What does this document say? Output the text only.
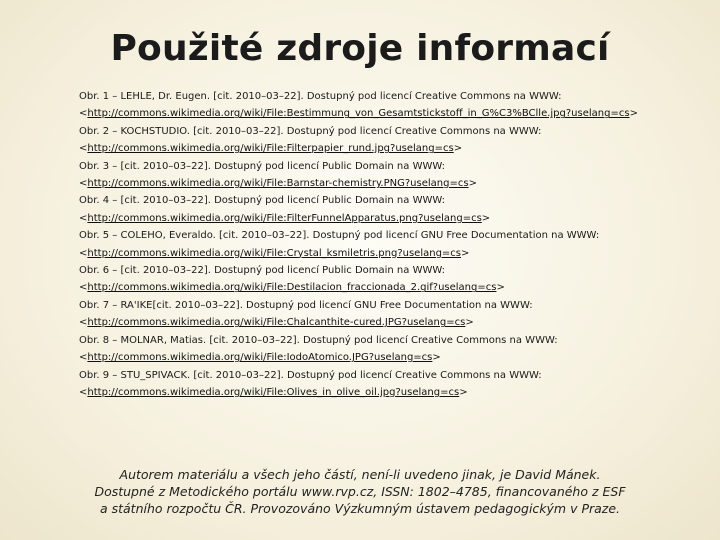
Použité zdroje informací
Obr. 1 – LEHLE, Dr. Eugen. [cit. 2010–03–22]. Dostupný pod licencí Creative Commons na WWW:
<http://commons.wikimedia.org/wiki/File:Bestimmung_von_Gesamtstickstoff_in_G%C3%BClle.jpg?uselang=cs>
Obr. 2 – KOCHSTUDIO. [cit. 2010–03–22]. Dostupný pod licencí Creative Commons na WWW:
<http://commons.wikimedia.org/wiki/File:Filterpapier_rund.jpg?uselang=cs>
Obr. 3 – [cit. 2010–03–22]. Dostupný pod licencí Public Domain na WWW:
<http://commons.wikimedia.org/wiki/File:Barnstar-chemistry.PNG?uselang=cs>
Obr. 4 – [cit. 2010–03–22]. Dostupný pod licencí Public Domain na WWW:
<http://commons.wikimedia.org/wiki/File:FilterFunnelApparatus.png?uselang=cs>
Obr. 5 – COLEHO, Everaldo. [cit. 2010–03–22]. Dostupný pod licencí GNU Free Documentation na WWW:
<http://commons.wikimedia.org/wiki/File:Crystal_ksmiletris.png?uselang=cs>
Obr. 6 – [cit. 2010–03–22]. Dostupný pod licencí Public Domain na WWW:
<http://commons.wikimedia.org/wiki/File:Destilacion_fraccionada_2.gif?uselang=cs>
Obr. 7 – RA'IKE[cit. 2010–03–22]. Dostupný pod licencí GNU Free Documentation na WWW:
<http://commons.wikimedia.org/wiki/File:Chalcanthite-cured.JPG?uselang=cs>
Obr. 8 – MOLNAR, Matias. [cit. 2010–03–22]. Dostupný pod licencí Creative Commons na WWW:
<http://commons.wikimedia.org/wiki/File:IodoAtomico.JPG?uselang=cs>
Obr. 9 – STU_SPIVACK. [cit. 2010–03–22]. Dostupný pod licencí Creative Commons na WWW:
<http://commons.wikimedia.org/wiki/File:Olives_in_olive_oil.jpg?uselang=cs>
Autorem materiálu a všech jeho částí, není-li uvedeno jinak, je David Mánek.
Dostupné z Metodického portálu www.rvp.cz, ISSN: 1802–4785, financovaného z ESF
a státního rozpočtu ČR. Provozováno Výzkumným ústavem pedagogickým v Praze.
